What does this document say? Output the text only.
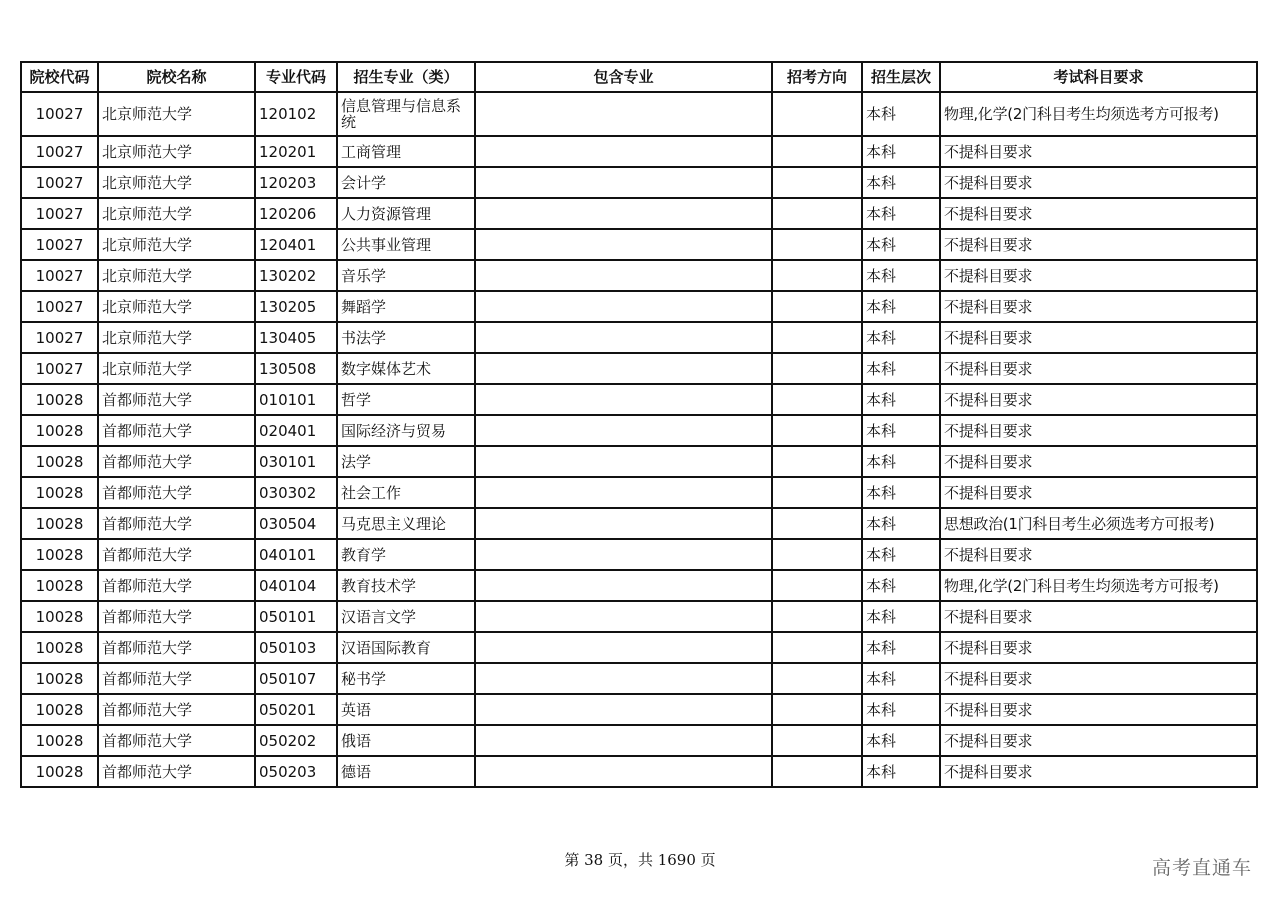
院校代码	院校名称	专业代码	招生专业（类）	包含专业	招考方向	招生层次	考试科目要求
10027	北京师范大学	120102	信息管理与信息系统			本科	物理,化学(2门科目考生均须选考方可报考)
10027	北京师范大学	120201	工商管理			本科	不提科目要求
10027	北京师范大学	120203	会计学			本科	不提科目要求
10027	北京师范大学	120206	人力资源管理			本科	不提科目要求
10027	北京师范大学	120401	公共事业管理			本科	不提科目要求
10027	北京师范大学	130202	音乐学			本科	不提科目要求
10027	北京师范大学	130205	舞蹈学			本科	不提科目要求
10027	北京师范大学	130405	书法学			本科	不提科目要求
10027	北京师范大学	130508	数字媒体艺术			本科	不提科目要求
10028	首都师范大学	010101	哲学			本科	不提科目要求
10028	首都师范大学	020401	国际经济与贸易			本科	不提科目要求
10028	首都师范大学	030101	法学			本科	不提科目要求
10028	首都师范大学	030302	社会工作			本科	不提科目要求
10028	首都师范大学	030504	马克思主义理论			本科	思想政治(1门科目考生必须选考方可报考)
10028	首都师范大学	040101	教育学			本科	不提科目要求
10028	首都师范大学	040104	教育技术学			本科	物理,化学(2门科目考生均须选考方可报考)
10028	首都师范大学	050101	汉语言文学			本科	不提科目要求
10028	首都师范大学	050103	汉语国际教育			本科	不提科目要求
10028	首都师范大学	050107	秘书学			本科	不提科目要求
10028	首都师范大学	050201	英语			本科	不提科目要求
10028	首都师范大学	050202	俄语			本科	不提科目要求
10028	首都师范大学	050203	德语			本科	不提科目要求
第 38 页，共 1690 页	高考直通车
